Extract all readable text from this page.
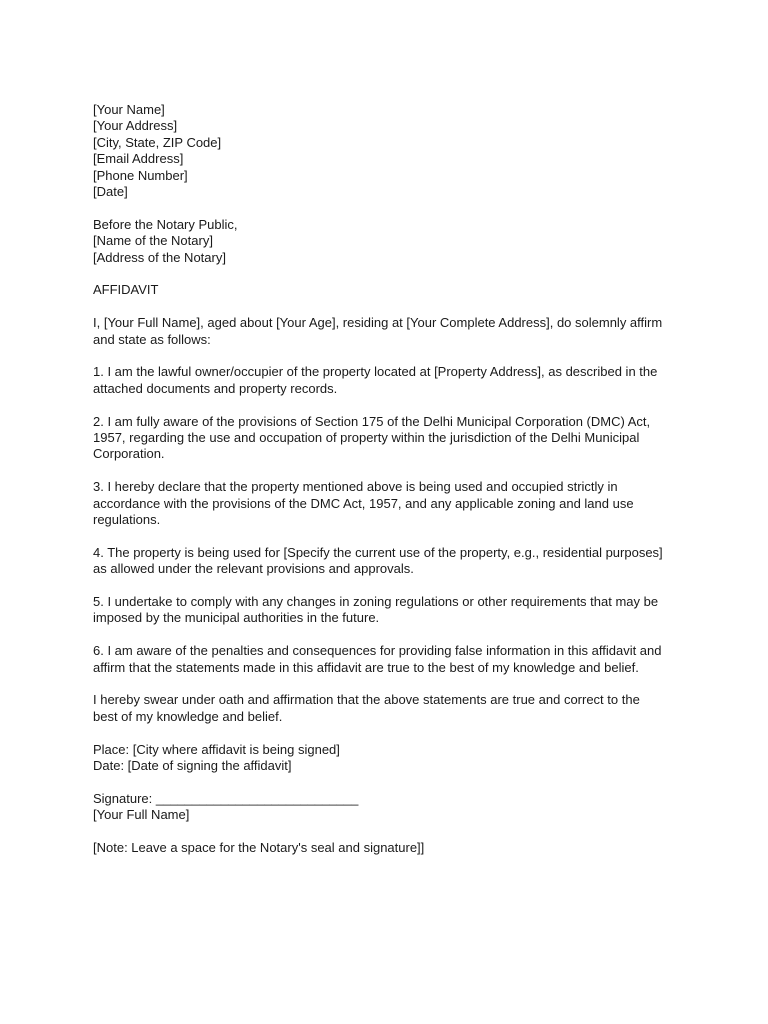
[Your Name]
[Your Address]
[City, State, ZIP Code]
[Email Address]
[Phone Number]
[Date]
Before the Notary Public,
[Name of the Notary]
[Address of the Notary]
AFFIDAVIT
I, [Your Full Name], aged about [Your Age], residing at [Your Complete Address], do solemnly affirm
and state as follows:
1. I am the lawful owner/occupier of the property located at [Property Address], as described in the
attached documents and property records.
2. I am fully aware of the provisions of Section 175 of the Delhi Municipal Corporation (DMC) Act,
1957, regarding the use and occupation of property within the jurisdiction of the Delhi Municipal
Corporation.
3. I hereby declare that the property mentioned above is being used and occupied strictly in
accordance with the provisions of the DMC Act, 1957, and any applicable zoning and land use
regulations.
4. The property is being used for [Specify the current use of the property, e.g., residential purposes]
as allowed under the relevant provisions and approvals.
5. I undertake to comply with any changes in zoning regulations or other requirements that may be
imposed by the municipal authorities in the future.
6. I am aware of the penalties and consequences for providing false information in this affidavit and
affirm that the statements made in this affidavit are true to the best of my knowledge and belief.
I hereby swear under oath and affirmation that the above statements are true and correct to the
best of my knowledge and belief.
Place: [City where affidavit is being signed]
Date: [Date of signing the affidavit]
Signature: ____________________________
[Your Full Name]
[Note: Leave a space for the Notary's seal and signature]]
